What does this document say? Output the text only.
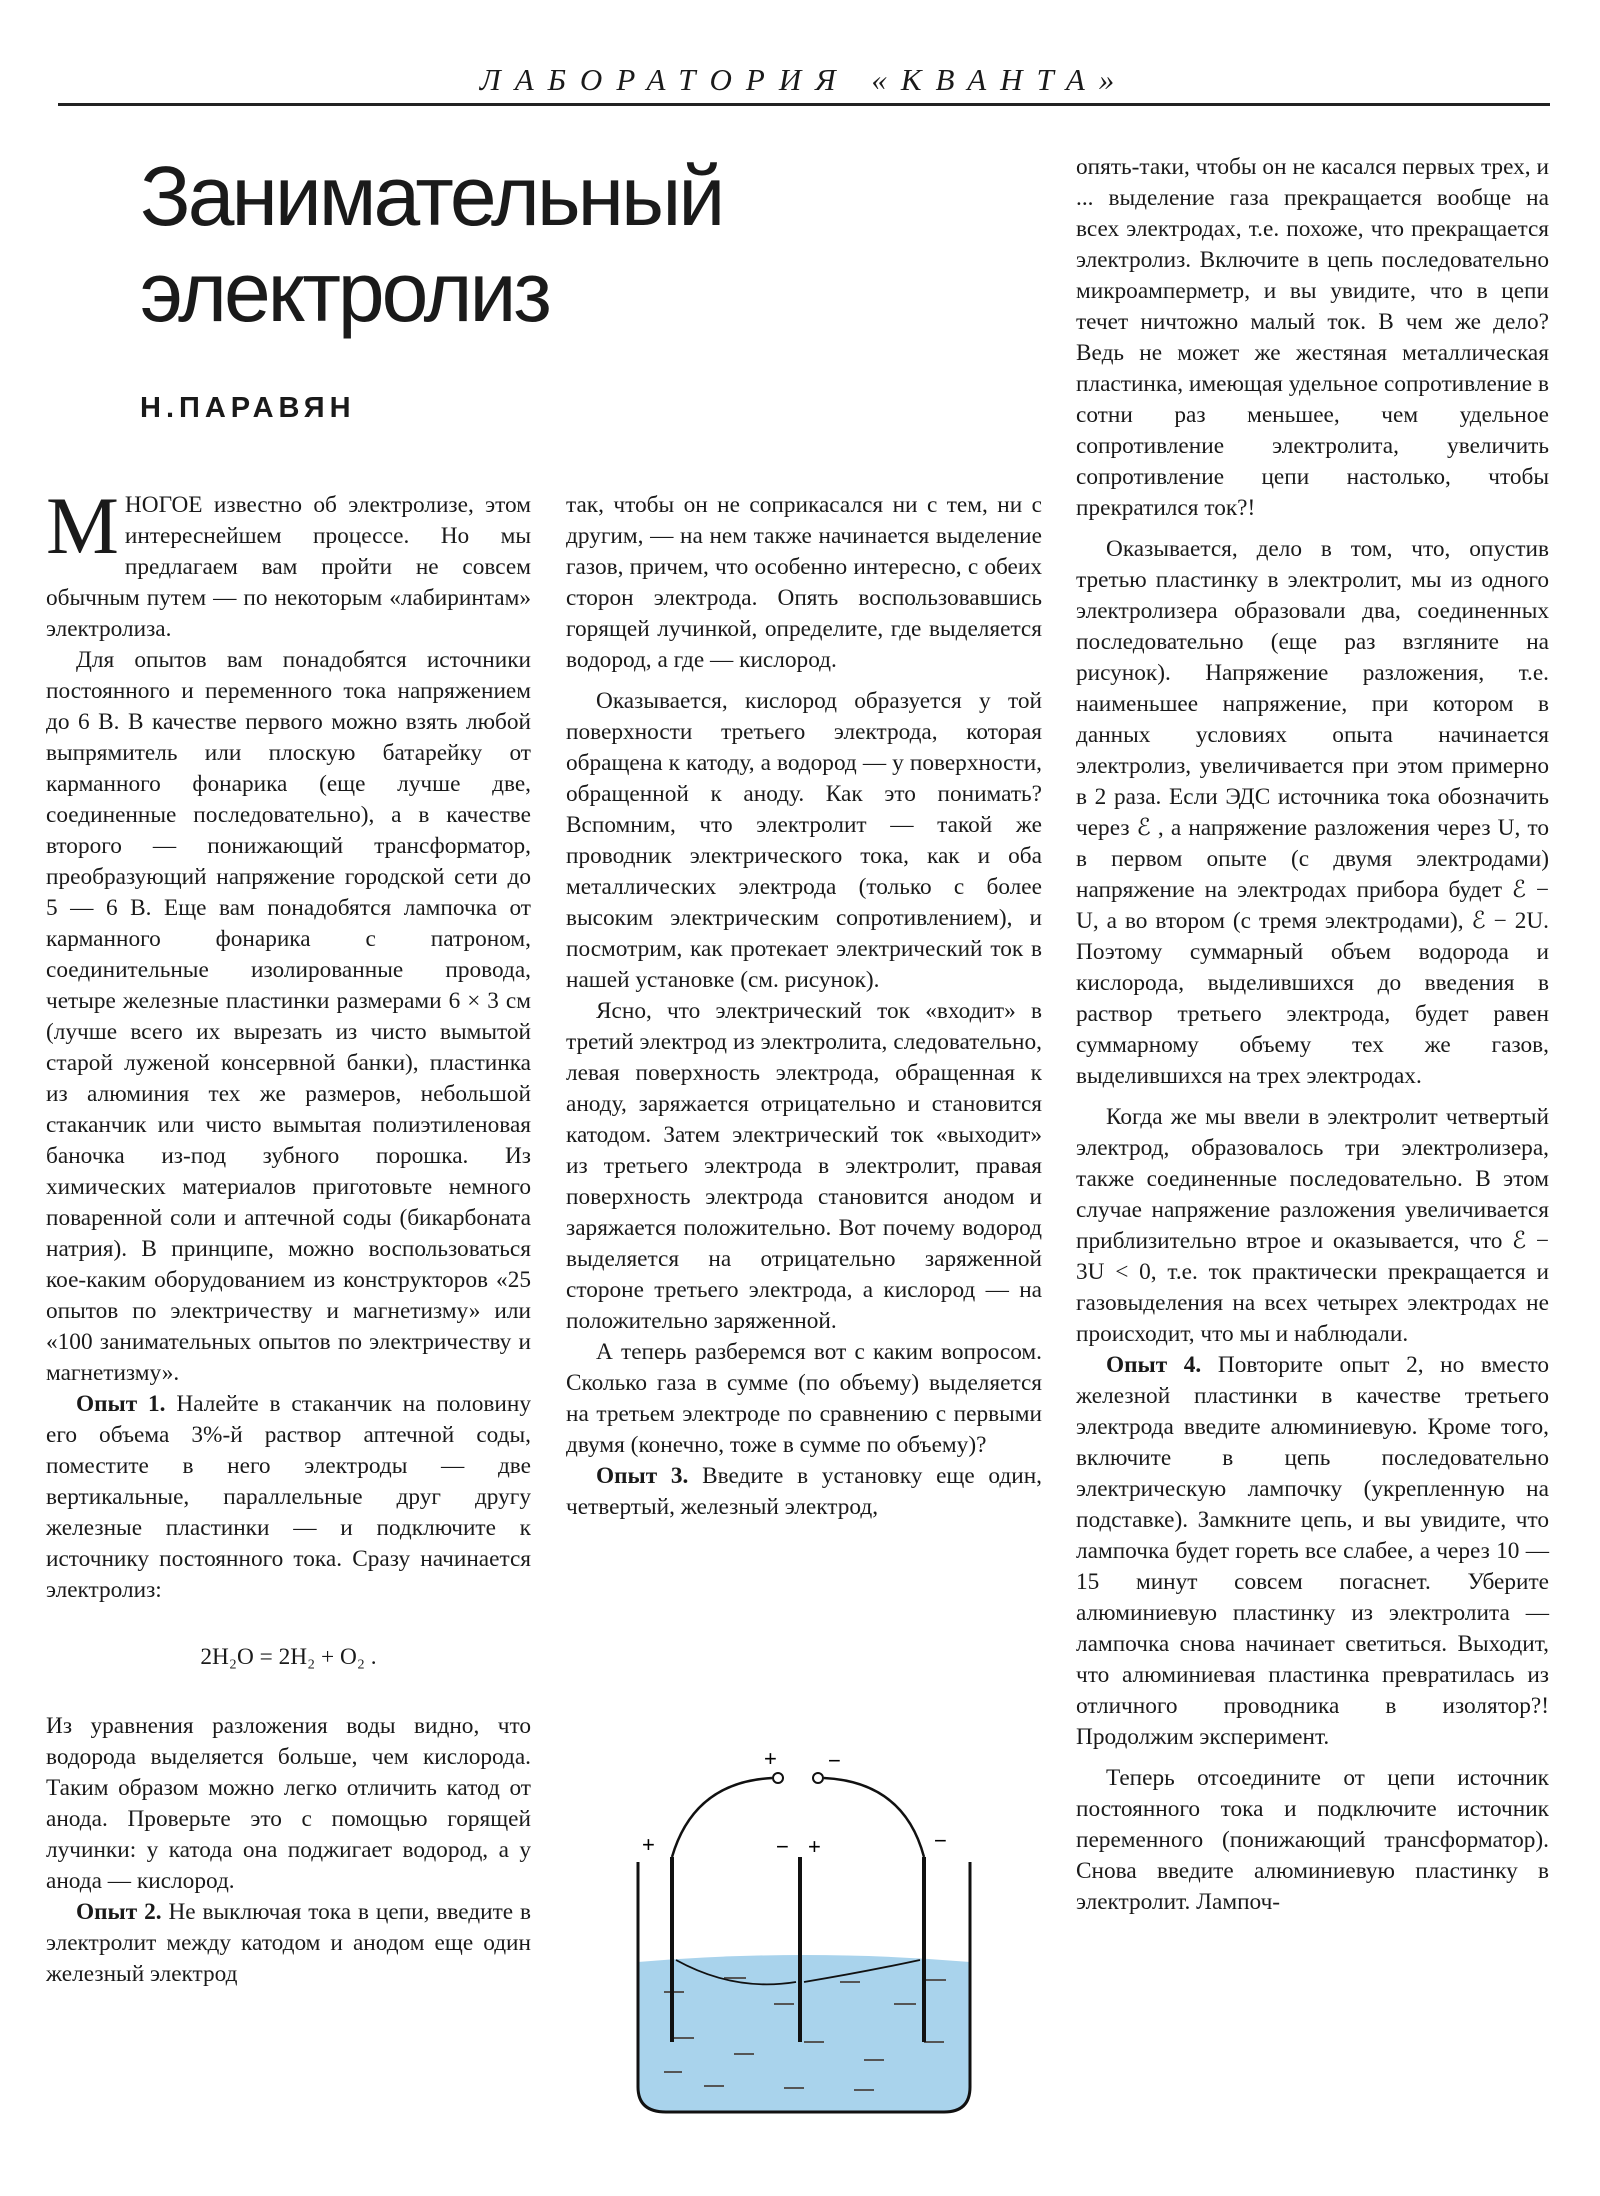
ЛАБОРАТОРИЯ «КВАНТА»
Занимательный
электролиз
Н.ПАРАВЯН

МНОГОЕ известно об электролизе, этом интереснейшем процессе. Но мы предлагаем вам пройти не совсем обычным путем — по некоторым «лабиринтам» электролиза.

Для опытов вам понадобятся источники постоянного и переменного тока напряжением до 6 В. В качестве первого можно взять любой выпрямитель или плоскую батарейку от карманного фонарика (еще лучше две, соединенные последовательно), а в качестве второго — понижающий трансформатор, преобразующий напряжение городской сети до 5 — 6 В. Еще вам понадобятся лампочка от карманного фонарика с патроном, соединительные изолированные провода, четыре железные пластинки размерами 6 × 3 см (лучше всего их вырезать из чисто вымытой старой луженой консервной банки), пластинка из алюминия тех же размеров, небольшой стаканчик или чисто вымытая полиэтиленовая баночка из-под зубного порошка. Из химических материалов приготовьте немного поваренной соли и аптечной соды (бикарбоната натрия). В принципе, можно воспользоваться кое-каким оборудованием из конструкторов «25 опытов по электричеству и магнетизму» или «100 занимательных опытов по электричеству и магнетизму».

Опыт 1. Налейте в стаканчик на половину его объема 3%-й раствор аптечной соды, поместите в него электроды — две вертикальные, параллельные друг другу железные пластинки — и подключите к источнику постоянного тока. Сразу начинается электролиз:

2H₂O = 2H₂ + O₂ .

Из уравнения разложения воды видно, что водорода выделяется больше, чем кислорода. Таким образом можно легко отличить катод от анода. Проверьте это с помощью горящей лучинки: у катода она поджигает водород, а у анода — кислород.

Опыт 2. Не выключая тока в цепи, введите в электролит между катодом и анодом еще один железный электрод

так, чтобы он не соприкасался ни с тем, ни с другим, — на нем также начинается выделение газов, причем, что особенно интересно, с обеих сторон электрода. Опять воспользовавшись горящей лучинкой, определите, где выделяется водород, а где — кислород.

Оказывается, кислород образуется у той поверхности третьего электрода, которая обращена к катоду, а водород — у поверхности, обращенной к аноду. Как это понимать? Вспомним, что электролит — такой же проводник электрического тока, как и оба металлических электрода (только с более высоким электрическим сопротивлением), и посмотрим, как протекает электрический ток в нашей установке (см. рисунок).

Ясно, что электрический ток «входит» в третий электрод из электролита, следовательно, левая поверхность электрода, обращенная к аноду, заряжается отрицательно и становится катодом. Затем электрический ток «выходит» из третьего электрода в электролит, правая поверхность электрода становится анодом и заряжается положительно. Вот почему водород выделяется на отрицательно заряженной стороне третьего электрода, а кислород — на положительно заряженной.

А теперь разберемся вот с каким вопросом. Сколько газа в сумме (по объему) выделяется на третьем электроде по сравнению с первыми двумя (конечно, тоже в сумме по объему)?

Опыт 3. Введите в установку еще один, четвертый, железный электрод,

+ −
+	− +	−

опять-таки, чтобы он не касался первых трех, и ... выделение газа прекращается вообще на всех электродах, т.е. похоже, что прекращается электролиз. Включите в цепь последовательно микроамперметр, и вы увидите, что в цепи течет ничтожно малый ток. В чем же дело? Ведь не может же жестяная металлическая пластинка, имеющая удельное сопротивление в сотни раз меньшее, чем удельное сопротивление электролита, увеличить сопротивление цепи настолько, чтобы прекратился ток?!

Оказывается, дело в том, что, опустив третью пластинку в электролит, мы из одного электролизера образовали два, соединенных последовательно (еще раз взгляните на рисунок). Напряжение разложения, т.е. наименьшее напряжение, при котором в данных условиях опыта начинается электролиз, увеличивается при этом примерно в 2 раза. Если ЭДС источника тока обозначить через ℰ , а напряжение разложения через U, то в первом опыте (с двумя электродами) напряжение на электродах прибора будет ℰ − U, а во втором (с тремя электродами), ℰ − 2U. Поэтому суммарный объем водорода и кислорода, выделившихся до введения в раствор третьего электрода, будет равен суммарному объему тех же газов, выделившихся на трех электродах.

Когда же мы ввели в электролит четвертый электрод, образовалось три электролизера, также соединенные последовательно. В этом случае напряжение разложения увеличивается приблизительно втрое и оказывается, что ℰ − 3U < 0, т.е. ток практически прекращается и газовыделения на всех четырех электродах не происходит, что мы и наблюдали.

Опыт 4. Повторите опыт 2, но вместо железной пластинки в качестве третьего электрода введите алюминиевую. Кроме того, включите в цепь последовательно электрическую лампочку (укрепленную на подставке). Замкните цепь, и вы увидите, что лампочка будет гореть все слабее, а через 10 — 15 минут совсем погаснет. Уберите алюминиевую пластинку из электролита — лампочка снова начинает светиться. Выходит, что алюминиевая пластинка превратилась из отличного проводника в изолятор?! Продолжим эксперимент.

Теперь отсоедините от цепи источник постоянного тока и подключите источник переменного (понижающий трансформатор). Снова введите алюминиевую пластинку в электролит. Лампоч-
